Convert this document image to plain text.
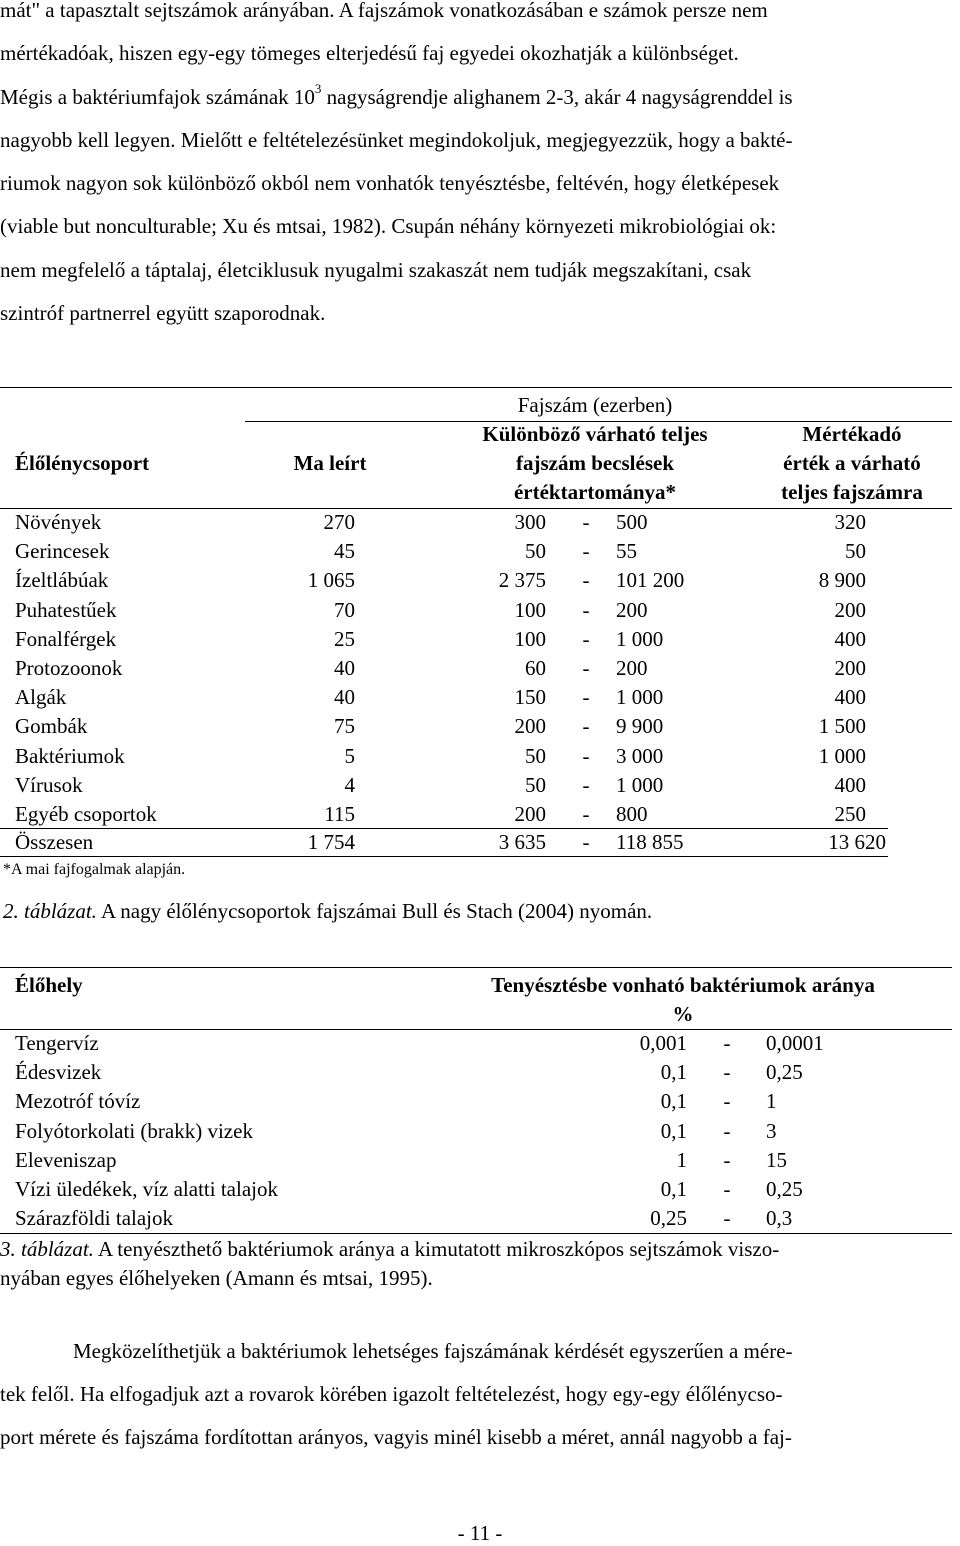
mát" a tapasztalt sejtszámok arányában. A fajszámok vonatkozásában e számok persze nem
mértékadóak, hiszen egy-egy tömeges elterjedésű faj egyedei okozhatják a különbséget.
Mégis a baktériumfajok számának $10^3$ nagyságrendje alighanem 2-3, akár 4 nagyságrenddel is
nagyobb kell legyen. Mielőtt e feltételezésünket megindokoljuk, megjegyezzük, hogy a bakté-
riumok nagyon sok különböző okból nem vonhatók tenyésztésbe, feltévén, hogy életképesek
(viable but nonculturable; Xu és mtsai, 1982). Csupán néhány környezeti mikrobiológiai ok:
nem megfelelő a táptalaj, életciklusuk nyugalmi szakaszát nem tudják megszakítani, csak
szintróf partnerrel együtt szaporodnak.
Fajszám (ezerben)
Élőlénycsoport	Ma leírt
Különböző várható teljes
fajszám becslések
értéktartománya*
Mértékadó
érték a várható
teljes fajszámra
Növények	270	300	-	500	320
Gerincesek	45	50	-	55	50
Ízeltlábúak	1 065	2 375	-	101 200	8 900
Puhatestűek	70	100	-	200	200
Fonalférgek	25	100	-	1 000	400
Protozoonok	40	60	-	200	200
Algák	40	150	-	1 000	400
Gombák	75	200	-	9 900	1 500
Baktériumok	5	50	-	3 000	1 000
Vírusok	4	50	-	1 000	400
Egyéb csoportok	115	200	-	800	250
Összesen	1 754	3 635	-	118 855	13 620
*A mai fajfogalmak alapján.
2. táblázat. A nagy élőlénycsoportok fajszámai Bull és Stach (2004) nyomán.
Élőhely	Tenyésztésbe vonható baktériumok aránya
%
Tengervíz	0,001	-	0,0001
Édesvizek	0,1	-	0,25
Mezotróf tóvíz	0,1	-	1
Folyótorkolati (brakk) vizek	0,1	-	3
Eleveniszap	1	-	15
Vízi üledékek, víz alatti talajok	0,1	-	0,25
Szárazföldi talajok	0,25	-	0,3
3. táblázat. A tenyészthető baktériumok aránya a kimutatott mikroszkópos sejtszámok viszo-
nyában egyes élőhelyeken (Amann és mtsai, 1995).
Megközelíthetjük a baktériumok lehetséges fajszámának kérdését egyszerűen a mére-
tek felől. Ha elfogadjuk azt a rovarok körében igazolt feltételezést, hogy egy-egy élőlénycso-
port mérete és fajszáma fordítottan arányos, vagyis minél kisebb a méret, annál nagyobb a faj-
- 11 -
